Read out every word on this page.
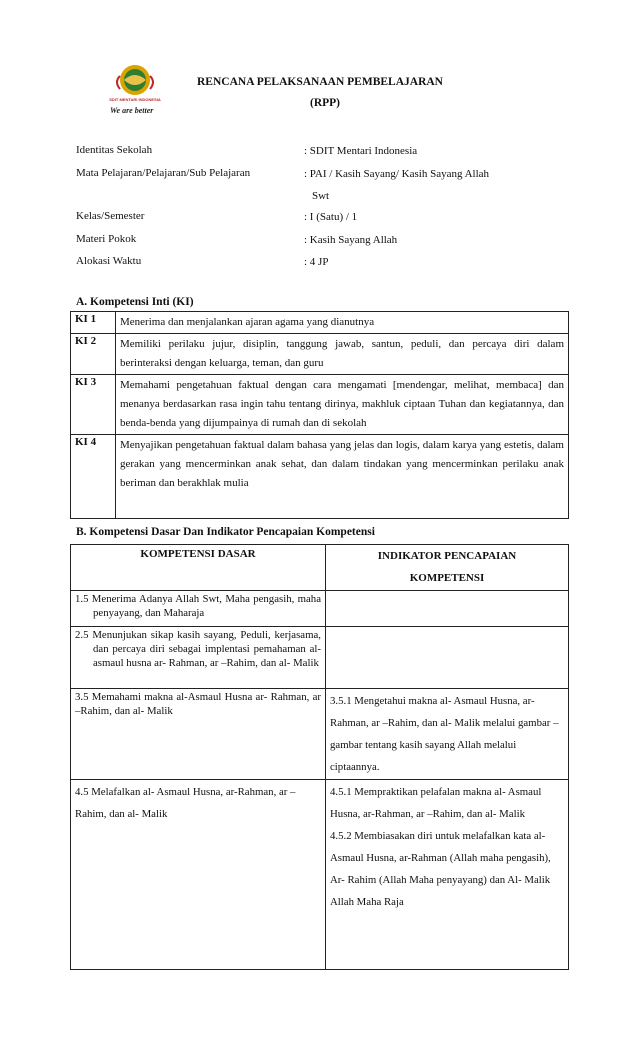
SDIT MENTARI INDONESIA
We are better
RENCANA PELAKSANAAN PEMBELAJARAN
(RPP)
Identitas Sekolah	: SDIT Mentari Indonesia
Mata Pelajaran/Pelajaran/Sub Pelajaran	: PAI / Kasih Sayang/ Kasih Sayang Allah
Swt
Kelas/Semester	: I (Satu) / 1
Materi Pokok	: Kasih Sayang Allah
Alokasi Waktu	: 4 JP
A. Kompetensi Inti (KI)
KI 1	Menerima dan menjalankan ajaran agama yang dianutnya
KI 2	Memiliki perilaku jujur, disiplin, tanggung jawab, santun, peduli, dan percaya diri dalam berinteraksi dengan keluarga, teman, dan guru
KI 3	Memahami pengetahuan faktual dengan cara mengamati [mendengar, melihat, membaca] dan menanya berdasarkan rasa ingin tahu tentang dirinya, makhluk ciptaan Tuhan dan kegiatannya, dan benda-benda yang dijumpainya di rumah dan di sekolah
KI 4	Menyajikan pengetahuan faktual dalam bahasa yang jelas dan logis, dalam karya yang estetis, dalam gerakan yang mencerminkan anak sehat, dan dalam tindakan yang mencerminkan perilaku anak beriman dan berakhlak mulia
B. Kompetensi Dasar Dan Indikator Pencapaian Kompetensi
KOMPETENSI DASAR	INDIKATOR PENCAPAIAN
KOMPETENSI

1.5 Menerima Adanya Allah Swt, Maha pengasih, maha penyayang, dan Maharaja	

2.5 Menunjukan sikap kasih sayang, Peduli, kerjasama, dan percaya diri sebagai implentasi pemahaman al- asmaul husna ar- Rahman, ar –Rahim, dan al- Malik	

3.5 Memahami makna al-Asmaul Husna ar- Rahman, ar –Rahim, dan al- Malik	3.5.1 Mengetahui makna al- Asmaul Husna, ar- Rahman, ar –Rahim, dan al- Malik melalui gambar – gambar tentang kasih sayang Allah melalui ciptaannya.

4.5 Melafalkan al- Asmaul Husna, ar-Rahman, ar –Rahim, dan al- Malik	4.5.1 Mempraktikan pelafalan makna al- Asmaul Husna, ar-Rahman, ar –Rahim, dan al- Malik
4.5.2 Membiasakan diri untuk melafalkan kata al- Asmaul Husna, ar-Rahman (Allah maha pengasih), Ar- Rahim (Allah Maha penyayang) dan Al- Malik Allah Maha Raja
